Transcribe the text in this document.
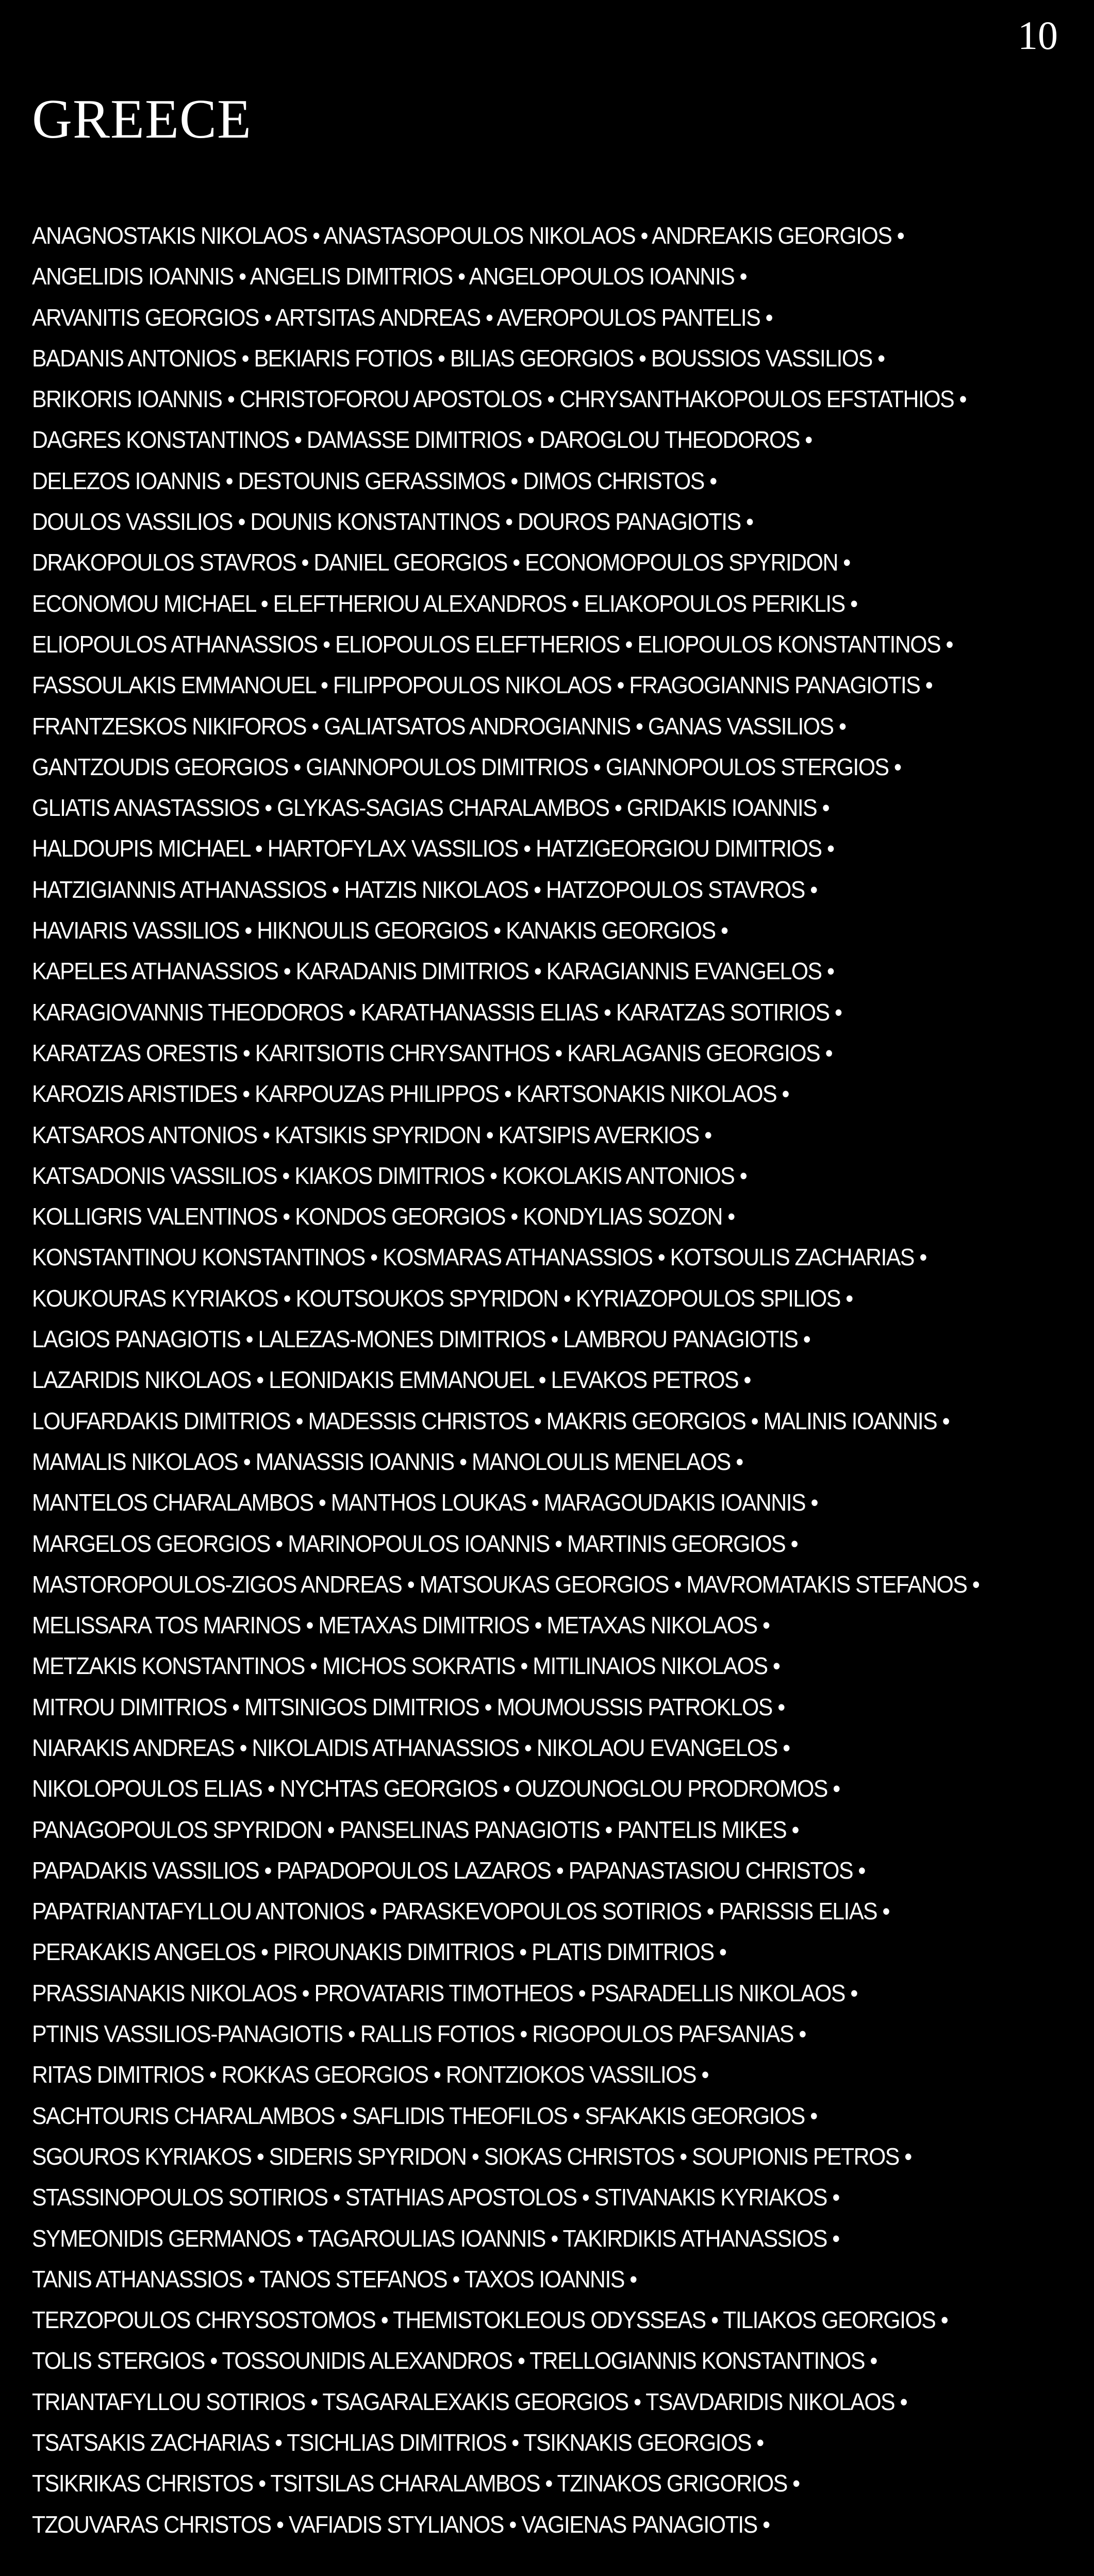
10
GREECE
ANAGNOSTAKIS NIKOLAOS • ANASTASOPOULOS NIKOLAOS • ANDREAKIS GEORGIOS •
ANGELIDIS IOANNIS • ANGELIS DIMITRIOS • ANGELOPOULOS IOANNIS •
ARVANITIS GEORGIOS • ARTSITAS ANDREAS • AVEROPOULOS PANTELIS •
BADANIS ANTONIOS • BEKIARIS FOTIOS • BILIAS GEORGIOS • BOUSSIOS VASSILIOS •
BRIKORIS IOANNIS • CHRISTOFOROU APOSTOLOS • CHRYSANTHAKOPOULOS EFSTATHIOS •
DAGRES KONSTANTINOS • DAMASSE DIMITRIOS • DAROGLOU THEODOROS •
DELEZOS IOANNIS • DESTOUNIS GERASSIMOS • DIMOS CHRISTOS •
DOULOS VASSILIOS • DOUNIS KONSTANTINOS • DOUROS PANAGIOTIS •
DRAKOPOULOS STAVROS • DANIEL GEORGIOS • ECONOMOPOULOS SPYRIDON •
ECONOMOU MICHAEL • ELEFTHERIOU ALEXANDROS • ELIAKOPOULOS PERIKLIS •
ELIOPOULOS ATHANASSIOS • ELIOPOULOS ELEFTHERIOS • ELIOPOULOS KONSTANTINOS •
FASSOULAKIS EMMANOUEL • FILIPPOPOULOS NIKOLAOS • FRAGOGIANNIS PANAGIOTIS •
FRANTZESKOS NIKIFOROS • GALIATSATOS ANDROGIANNIS • GANAS VASSILIOS •
GANTZOUDIS GEORGIOS • GIANNOPOULOS DIMITRIOS • GIANNOPOULOS STERGIOS •
GLIATIS ANASTASSIOS • GLYKAS-SAGIAS CHARALAMBOS • GRIDAKIS IOANNIS •
HALDOUPIS MICHAEL • HARTOFYLAX VASSILIOS • HATZIGEORGIOU DIMITRIOS •
HATZIGIANNIS ATHANASSIOS • HATZIS NIKOLAOS • HATZOPOULOS STAVROS •
HAVIARIS VASSILIOS • HIKNOULIS GEORGIOS • KANAKIS GEORGIOS •
KAPELES ATHANASSIOS • KARADANIS DIMITRIOS • KARAGIANNIS EVANGELOS •
KARAGIOVANNIS THEODOROS • KARATHANASSIS ELIAS • KARATZAS SOTIRIOS •
KARATZAS ORESTIS • KARITSIOTIS CHRYSANTHOS • KARLAGANIS GEORGIOS •
KAROZIS ARISTIDES • KARPOUZAS PHILIPPOS • KARTSONAKIS NIKOLAOS •
KATSAROS ANTONIOS • KATSIKIS SPYRIDON • KATSIPIS AVERKIOS •
KATSADONIS VASSILIOS • KIAKOS DIMITRIOS • KOKOLAKIS ANTONIOS •
KOLLIGRIS VALENTINOS • KONDOS GEORGIOS • KONDYLIAS SOZON •
KONSTANTINOU KONSTANTINOS • KOSMARAS ATHANASSIOS • KOTSOULIS ZACHARIAS •
KOUKOURAS KYRIAKOS • KOUTSOUKOS SPYRIDON • KYRIAZOPOULOS SPILIOS •
LAGIOS PANAGIOTIS • LALEZAS-MONES DIMITRIOS • LAMBROU PANAGIOTIS •
LAZARIDIS NIKOLAOS • LEONIDAKIS EMMANOUEL • LEVAKOS PETROS •
LOUFARDAKIS DIMITRIOS • MADESSIS CHRISTOS • MAKRIS GEORGIOS • MALINIS IOANNIS •
MAMALIS NIKOLAOS • MANASSIS IOANNIS • MANOLOULIS MENELAOS •
MANTELOS CHARALAMBOS • MANTHOS LOUKAS • MARAGOUDAKIS IOANNIS •
MARGELOS GEORGIOS • MARINOPOULOS IOANNIS • MARTINIS GEORGIOS •
MASTOROPOULOS-ZIGOS ANDREAS • MATSOUKAS GEORGIOS • MAVROMATAKIS STEFANOS •
MELISSARA TOS MARINOS • METAXAS DIMITRIOS • METAXAS NIKOLAOS •
METZAKIS KONSTANTINOS • MICHOS SOKRATIS • MITILINAIOS NIKOLAOS •
MITROU DIMITRIOS • MITSINIGOS DIMITRIOS • MOUMOUSSIS PATROKLOS •
NIARAKIS ANDREAS • NIKOLAIDIS ATHANASSIOS • NIKOLAOU EVANGELOS •
NIKOLOPOULOS ELIAS • NYCHTAS GEORGIOS • OUZOUNOGLOU PRODROMOS •
PANAGOPOULOS SPYRIDON • PANSELINAS PANAGIOTIS • PANTELIS MIKES •
PAPADAKIS VASSILIOS • PAPADOPOULOS LAZAROS • PAPANASTASIOU CHRISTOS •
PAPATRIANTAFYLLOU ANTONIOS • PARASKEVOPOULOS SOTIRIOS • PARISSIS ELIAS •
PERAKAKIS ANGELOS • PIROUNAKIS DIMITRIOS • PLATIS DIMITRIOS •
PRASSIANAKIS NIKOLAOS • PROVATARIS TIMOTHEOS • PSARADELLIS NIKOLAOS •
PTINIS VASSILIOS-PANAGIOTIS • RALLIS FOTIOS • RIGOPOULOS PAFSANIAS •
RITAS DIMITRIOS • ROKKAS GEORGIOS • RONTZIOKOS VASSILIOS •
SACHTOURIS CHARALAMBOS • SAFLIDIS THEOFILOS • SFAKAKIS GEORGIOS •
SGOUROS KYRIAKOS • SIDERIS SPYRIDON • SIOKAS CHRISTOS • SOUPIONIS PETROS •
STASSINOPOULOS SOTIRIOS • STATHIAS APOSTOLOS • STIVANAKIS KYRIAKOS •
SYMEONIDIS GERMANOS • TAGAROULIAS IOANNIS • TAKIRDIKIS ATHANASSIOS •
TANIS ATHANASSIOS • TANOS STEFANOS • TAXOS IOANNIS •
TERZOPOULOS CHRYSOSTOMOS • THEMISTOKLEOUS ODYSSEAS • TILIAKOS GEORGIOS •
TOLIS STERGIOS • TOSSOUNIDIS ALEXANDROS • TRELLOGIANNIS KONSTANTINOS •
TRIANTAFYLLOU SOTIRIOS • TSAGARALEXAKIS GEORGIOS • TSAVDARIDIS NIKOLAOS •
TSATSAKIS ZACHARIAS • TSICHLIAS DIMITRIOS • TSIKNAKIS GEORGIOS •
TSIKRIKAS CHRISTOS • TSITSILAS CHARALAMBOS • TZINAKOS GRIGORIOS •
TZOUVARAS CHRISTOS • VAFIADIS STYLIANOS • VAGIENAS PANAGIOTIS •
